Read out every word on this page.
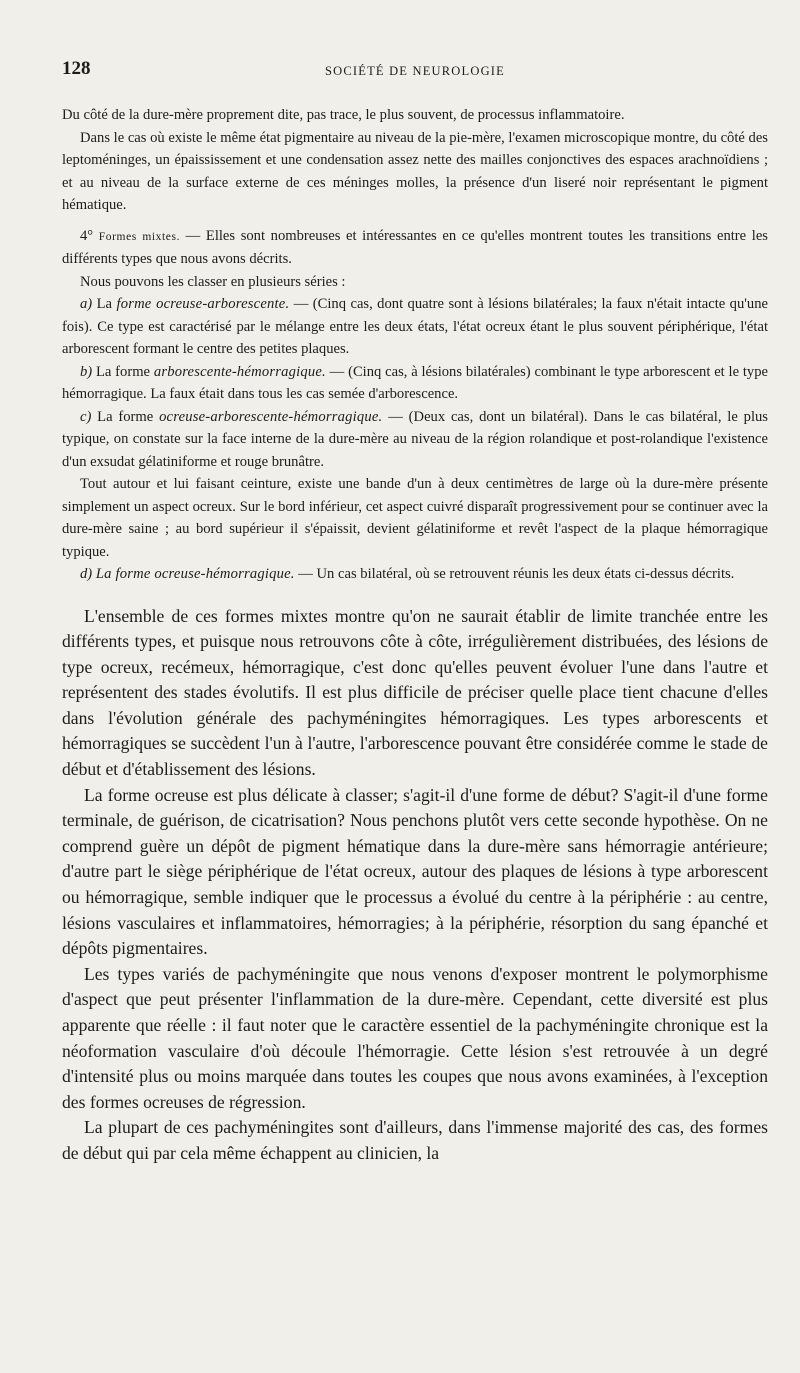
128	SOCIÉTÉ DE NEUROLOGIE

Du côté de la dure-mère proprement dite, pas trace, le plus souvent, de processus inflammatoire.

Dans le cas où existe le même état pigmentaire au niveau de la pie-mère, l'examen microscopique montre, du côté des leptoméninges, un épaississement et une condensation assez nette des mailles conjonctives des espaces arachnoïdiens ; et au niveau de la surface externe de ces méninges molles, la présence d'un liseré noir représentant le pigment hématique.

4° Formes mixtes. — Elles sont nombreuses et intéressantes en ce qu'elles montrent toutes les transitions entre les différents types que nous avons décrits.

Nous pouvons les classer en plusieurs séries :

a) La forme ocreuse-arborescente. — (Cinq cas, dont quatre sont à lésions bilatérales; la faux n'était intacte qu'une fois). Ce type est caractérisé par le mélange entre les deux états, l'état ocreux étant le plus souvent périphérique, l'état arborescent formant le centre des petites plaques.

b) La forme arborescente-hémorragique. — (Cinq cas, à lésions bilatérales) combinant le type arborescent et le type hémorragique. La faux était dans tous les cas semée d'arborescence.

c) La forme ocreuse-arborescente-hémorragique. — (Deux cas, dont un bilatéral). Dans le cas bilatéral, le plus typique, on constate sur la face interne de la dure-mère au niveau de la région rolandique et post-rolandique l'existence d'un exsudat gélatiniforme et rouge brunâtre.

Tout autour et lui faisant ceinture, existe une bande d'un à deux centimètres de large où la dure-mère présente simplement un aspect ocreux. Sur le bord inférieur, cet aspect cuivré disparaît progressivement pour se continuer avec la dure-mère saine ; au bord supérieur il s'épaissit, devient gélatiniforme et revêt l'aspect de la plaque hémorragique typique.

d) La forme ocreuse-hémorragique. — Un cas bilatéral, où se retrouvent réunis les deux états ci-dessus décrits.

L'ensemble de ces formes mixtes montre qu'on ne saurait établir de limite tranchée entre les différents types, et puisque nous retrouvons côte à côte, irrégulièrement distribuées, des lésions de type ocreux, recémeux, hémorragique, c'est donc qu'elles peuvent évoluer l'une dans l'autre et représentent des stades évolutifs. Il est plus difficile de préciser quelle place tient chacune d'elles dans l'évolution générale des pachyméningites hémorragiques. Les types arborescents et hémorragiques se succèdent l'un à l'autre, l'arborescence pouvant être considérée comme le stade de début et d'établissement des lésions.

La forme ocreuse est plus délicate à classer; s'agit-il d'une forme de début? S'agit-il d'une forme terminale, de guérison, de cicatrisation? Nous penchons plutôt vers cette seconde hypothèse. On ne comprend guère un dépôt de pigment hématique dans la dure-mère sans hémorragie antérieure; d'autre part le siège périphérique de l'état ocreux, autour des plaques de lésions à type arborescent ou hémorragique, semble indiquer que le processus a évolué du centre à la périphérie : au centre, lésions vasculaires et inflammatoires, hémorragies; à la périphérie, résorption du sang épanché et dépôts pigmentaires.

Les types variés de pachyméningite que nous venons d'exposer montrent le polymorphisme d'aspect que peut présenter l'inflammation de la dure-mère. Cependant, cette diversité est plus apparente que réelle : il faut noter que le caractère essentiel de la pachyméningite chronique est la néoformation vasculaire d'où découle l'hémorragie. Cette lésion s'est retrouvée à un degré d'intensité plus ou moins marquée dans toutes les coupes que nous avons examinées, à l'exception des formes ocreuses de régression.

La plupart de ces pachyméningites sont d'ailleurs, dans l'immense majorité des cas, des formes de début qui par cela même échappent au clinicien, la
